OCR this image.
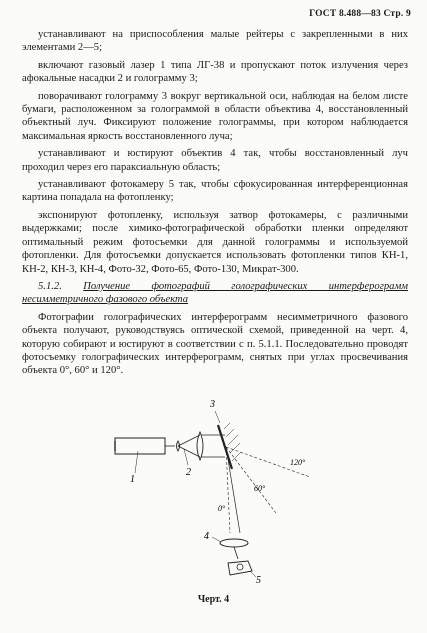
ГОСТ 8.488—83 Стр. 9

устанавливают на приспособления малые рейтеры с закрепленными в них элементами 2—5;

включают газовый лазер 1 типа ЛГ-38 и пропускают поток излучения через афокальные насадки 2 и голограмму 3;

поворачивают голограмму 3 вокруг вертикальной оси, наблюдая на белом листе бумаги, расположенном за голограммой в области объектива 4, восстановленный объектный луч. Фиксируют положение голограммы, при котором наблюдается максимальная яркость восстановленного луча;

устанавливают и юстируют объектив 4 так, чтобы восстановленный луч проходил через его параксиальную область;

устанавливают фотокамеру 5 так, чтобы сфокусированная интерференционная картина попадала на фотопленку;

экспонируют фотопленку, используя затвор фотокамеры, с различными выдержками; после химико-фотографической обработки пленки определяют оптимальный режим фотосъемки для данной голограммы и используемой фотопленки. Для фотосъемки допускается использовать фотопленки типов КН-1, КН-2, КН-3, КН-4, Фото-32, Фото-65, Фото-130, Микрат-300.

5.1.2. Получение фотографий голографических интерферограмм несимметричного фазового объекта

Фотографии голографических интерферограмм несимметричного фазового объекта получают, руководствуясь оптической схемой, приведенной на черт. 4, которую собирают и юстируют в соответствии с п. 5.1.1. Последовательно проводят фотосъемку голографических интерферограмм, снятых при углах просвечивания объекта 0°, 60° и 120°.

1
2
3
4
5
0°
60°
120°
Черт. 4
